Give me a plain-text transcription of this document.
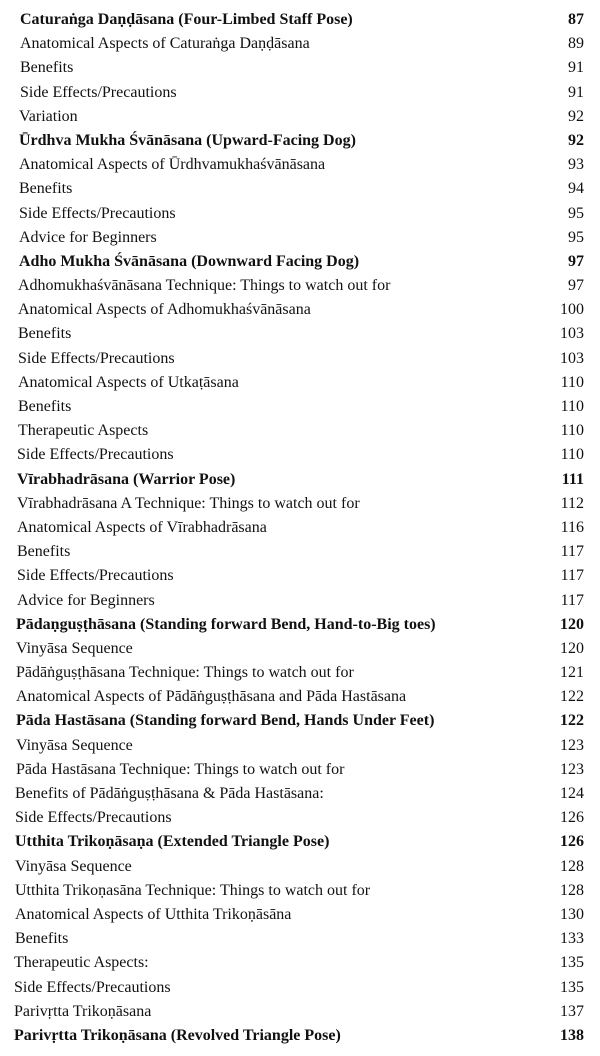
Caturaṅga Daṇḍāsana (Four-Limbed Staff Pose)	87
Anatomical Aspects of Caturaṅga Daṇḍāsana	89
Benefits	91
Side Effects/Precautions	91
Variation	92
Ūrdhva Mukha Śvānāsana (Upward-Facing Dog)	92
Anatomical Aspects of Ūrdhvamukhaśvānāsana	93
Benefits	94
Side Effects/Precautions	95
Advice for Beginners	95
Adho Mukha Śvānāsana (Downward Facing Dog)	97
Adhomukhaśvānāsana Technique: Things to watch out for	97
Anatomical Aspects of Adhomukhaśvānāsana	100
Benefits	103
Side Effects/Precautions	103
Anatomical Aspects of Utkaṭāsana	110
Benefits	110
Therapeutic Aspects	110
Side Effects/Precautions	110
Vīrabhadrāsana (Warrior Pose)	111
Vīrabhadrāsana A Technique: Things to watch out for	112
Anatomical Aspects of Vīrabhadrāsana	116
Benefits	117
Side Effects/Precautions	117
Advice for Beginners	117
Pādaṇguṣṭhāsana (Standing forward Bend, Hand-to-Big toes)	120
Vinyāsa Sequence	120
Pādāṅguṣṭhāsana Technique: Things to watch out for	121
Anatomical Aspects of Pādāṅguṣṭhāsana and Pāda Hastāsana	122
Pāda Hastāsana (Standing forward Bend, Hands Under Feet)	122
Vinyāsa Sequence	123
Pāda Hastāsana Technique: Things to watch out for	123
Benefits of Pādāṅguṣṭhāsana & Pāda Hastāsana:	124
Side Effects/Precautions	126
Utthita Trikoṇāsaṇa (Extended Triangle Pose)	126
Vinyāsa Sequence	128
Utthita Trikoṇasāna Technique: Things to watch out for	128
Anatomical Aspects of Utthita Trikoṇāsāna	130
Benefits	133
Therapeutic Aspects:	135
Side Effects/Precautions	135
Parivṛtta Trikoṇāsana	137
Parivṛtta Trikoṇāsana (Revolved Triangle Pose)	138
